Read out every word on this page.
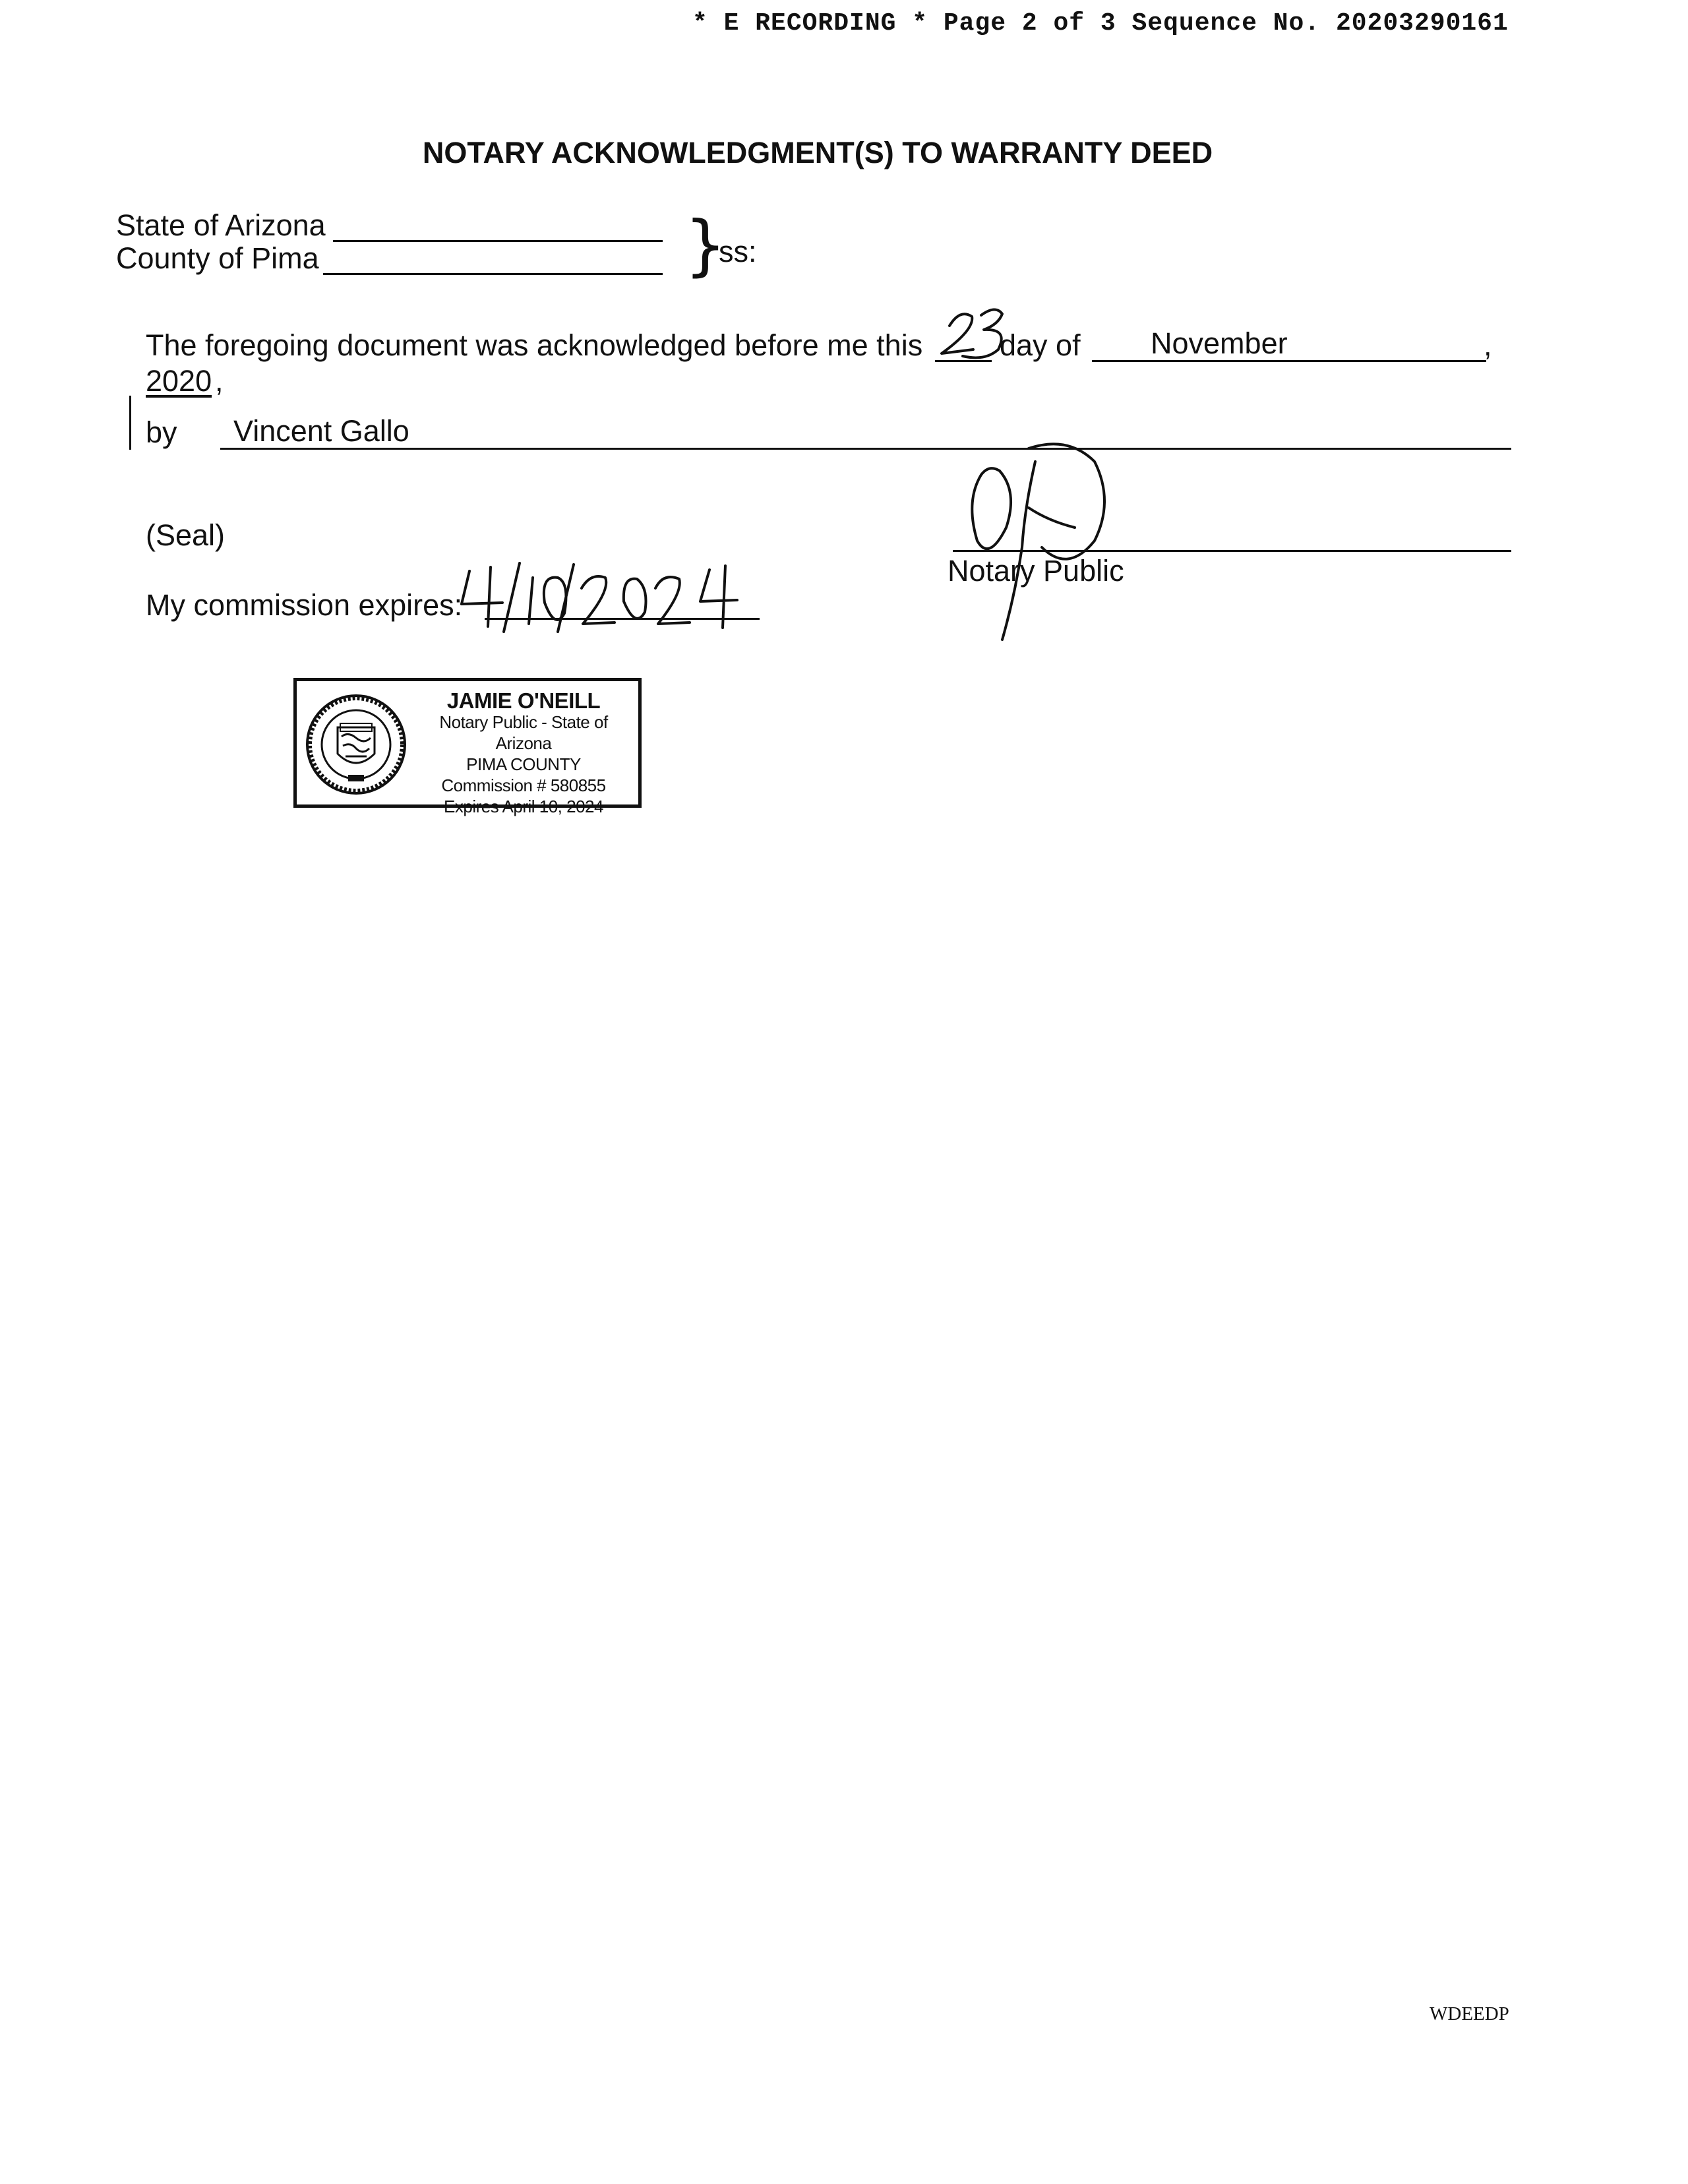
* E RECORDING * Page 2 of 3 Sequence No. 20203290161
NOTARY ACKNOWLEDGMENT(S) TO WARRANTY DEED
State of Arizona
County of Pima	}
ss:
The foregoing document was acknowledged before me this	day of November	,
2020 ,
by Vincent Gallo
(Seal)
My commission expires:
Notary Public
JAMIE O'NEILL
Notary Public - State of Arizona
PIMA COUNTY
Commission # 580855
Expires April 10, 2024
WDEEDP
